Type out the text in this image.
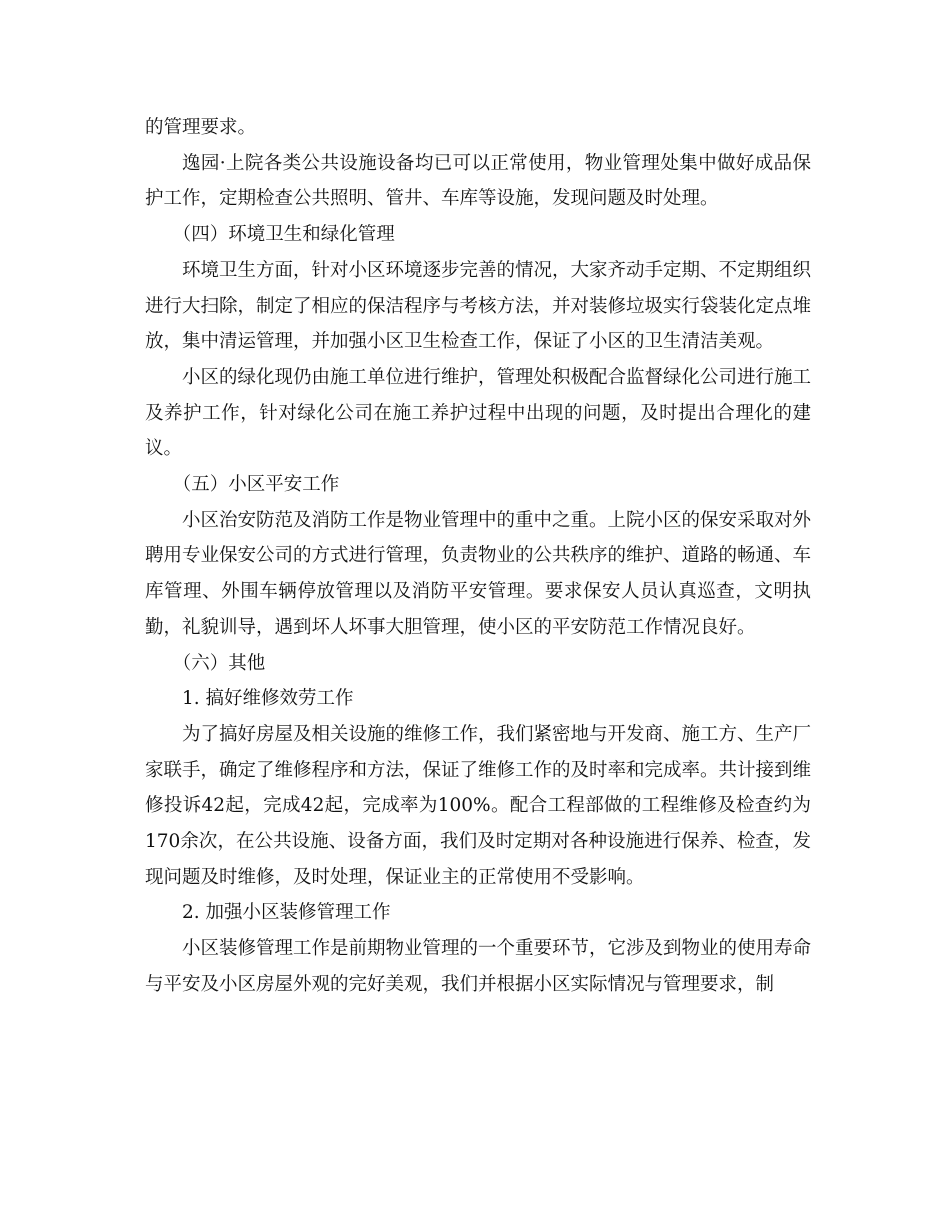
的管理要求。

逸园·上院各类公共设施设备均已可以正常使用，物业管理处集中做好成品保护工作，定期检查公共照明、管井、车库等设施，发现问题及时处理。

（四）环境卫生和绿化管理

环境卫生方面，针对小区环境逐步完善的情况，大家齐动手定期、不定期组织进行大扫除，制定了相应的保洁程序与考核方法，并对装修垃圾实行袋装化定点堆放，集中清运管理，并加强小区卫生检查工作，保证了小区的卫生清洁美观。

小区的绿化现仍由施工单位进行维护，管理处积极配合监督绿化公司进行施工及养护工作，针对绿化公司在施工养护过程中出现的问题，及时提出合理化的建议。

（五）小区平安工作

小区治安防范及消防工作是物业管理中的重中之重。上院小区的保安采取对外聘用专业保安公司的方式进行管理，负责物业的公共秩序的维护、道路的畅通、车库管理、外围车辆停放管理以及消防平安管理。要求保安人员认真巡查，文明执勤，礼貌训导，遇到坏人坏事大胆管理，使小区的平安防范工作情况良好。

（六）其他

1. 搞好维修效劳工作

为了搞好房屋及相关设施的维修工作，我们紧密地与开发商、施工方、生产厂家联手，确定了维修程序和方法，保证了维修工作的及时率和完成率。共计接到维修投诉42起，完成42起，完成率为100%。配合工程部做的工程维修及检查约为170余次，在公共设施、设备方面，我们及时定期对各种设施进行保养、检查，发现问题及时维修，及时处理，保证业主的正常使用不受影响。

2. 加强小区装修管理工作

小区装修管理工作是前期物业管理的一个重要环节，它涉及到物业的使用寿命与平安及小区房屋外观的完好美观，我们并根据小区实际情况与管理要求，制
